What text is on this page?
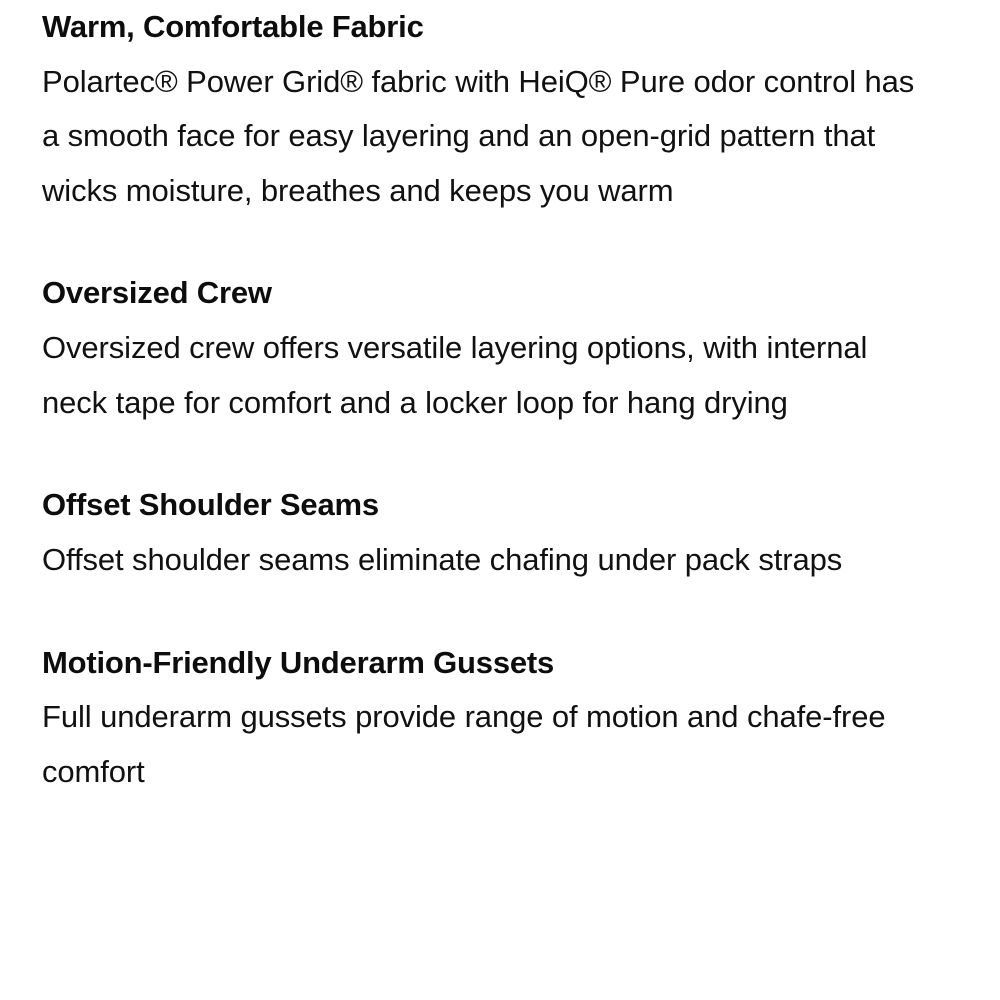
Warm, Comfortable Fabric

Polartec® Power Grid® fabric with HeiQ® Pure odor control has a smooth face for easy layering and an open-grid pattern that wicks moisture, breathes and keeps you warm

Oversized Crew

Oversized crew offers versatile layering options, with internal neck tape for comfort and a locker loop for hang drying

Offset Shoulder Seams

Offset shoulder seams eliminate chafing under pack straps

Motion-Friendly Underarm Gussets

Full underarm gussets provide range of motion and chafe-free comfort
